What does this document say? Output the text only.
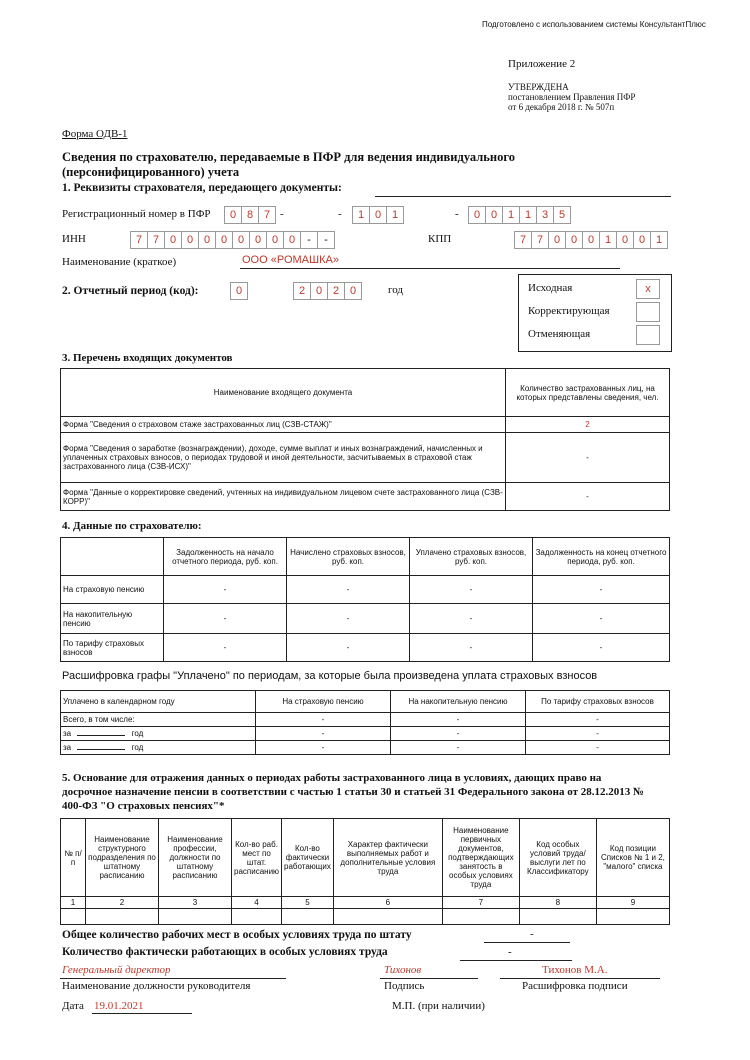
Подготовлено с использованием системы КонсультантПлюс
Приложение 2
УТВЕРЖДЕНА
постановлением Правления ПФР
от 6 декабря 2018 г. № 507п
Форма ОДВ-1
Сведения по страхователю, передаваемые в ПФР для ведения индивидуального
(персонифицированного) учета
1. Реквизиты страхователя, передающего документы:
Регистрационный номер в ПФР	0 8 7 -	1 0 1
-	-	0 0 1 1 3 5
ИНН	7 7 0 0 0 0 0 0 0 0	-	-	КПП	7 7 0 0 0 1 0 0 1
Наименование (краткое)	ООО «РОМАШКА»
2. Отчетный период (код):	0	2 0 2 0	год	Исходная	x
Корректирующая
Отменяющая
3. Перечень входящих документов
Наименование входящего документа	Количество застрахованных лиц, на которых представлены сведения, чел.
Форма "Сведения о страховом стаже застрахованных лиц (СЗВ-СТАЖ)"	2
Форма "Сведения о заработке (вознаграждении), доходе, сумме выплат и иных вознаграждений, начисленных и уплаченных страховых взносов, о периодах трудовой и иной деятельности, засчитываемых в страховой стаж застрахованного лица (СЗВ-ИСХ)"	-
Форма "Данные о корректировке сведений, учтенных на индивидуальном лицевом счете застрахованного лица (СЗВ-КОРР)"	-
4. Данные по страхователю:
	Задолженность на начало отчетного периода, руб. коп.	Начислено страховых взносов, руб. коп.	Уплачено страховых взносов, руб. коп.	Задолженность на конец отчетного периода, руб. коп.
На страховую пенсию	-	-	-	-
На накопительную пенсию	-	-	-	-
По тарифу страховых взносов	-	-	-	-
Расшифровка графы "Уплачено" по периодам, за которые была произведена уплата страховых взносов
Уплачено в календарном году	На страховую пенсию	На накопительную пенсию	По тарифу страховых взносов
Всего, в том числе:	-	-	-
за год	-	-	-
за год	-	-	-
5. Основание для отражения данных о периодах работы застрахованного лица в условиях, дающих право на
досрочное назначение пенсии в соответствии с частью 1 статьи 30 и статьей 31 Федерального закона от 28.12.2013 №
400-ФЗ "О страховых пенсиях"*
№ п/п	Наименование структурного подразделения по штатному расписанию	Наименование профессии, должности по штатному расписанию	Кол-во раб. мест по штат. расписанию	Кол-во фактически работающих	Характер фактически выполняемых работ и дополнительные условия труда	Наименование первичных документов, подтверждающих занятость в особых условиях труда	Код особых условий труда/выслуги лет по Классификатору	Код позиции Списков № 1 и 2, "малого" списка
1	2	3	4	5	6	7	8	9

Общее количество рабочих мест в особых условиях труда по штату	-
Количество фактически работающих в особых условиях труда	-
Генеральный директор	Тихонов	Тихонов М.А.
Наименование должности руководителя	Подпись	Расшифровка подписи
Дата 19.01.2021	М.П. (при наличии)
